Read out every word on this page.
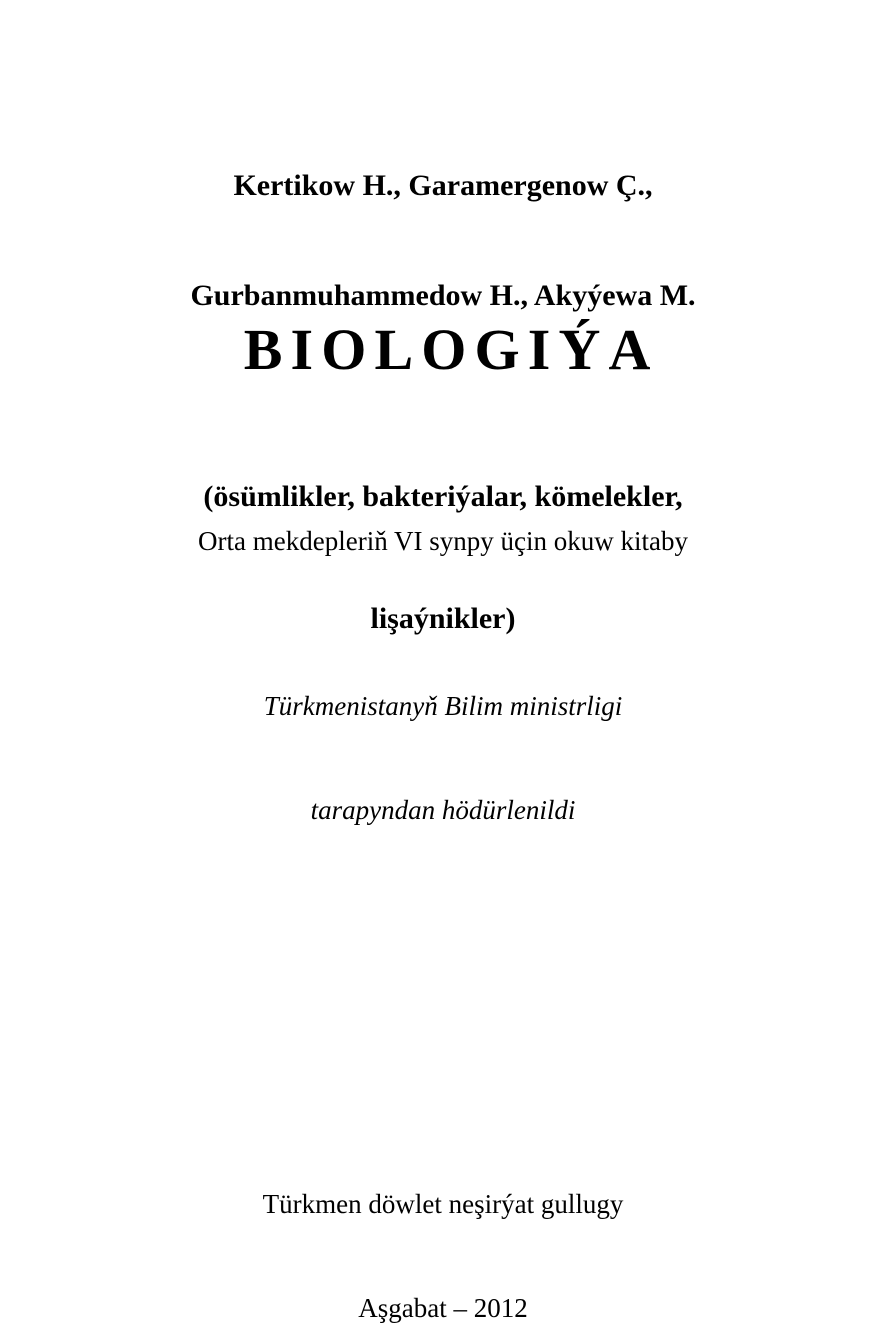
Kertikow H., Garamergenow Ç.,

Gurbanmuhammedow H., Akyýewa M.

BIOLOGIÝA

(ösümlikler, bakteriýalar, kömelekler,

lişaýnikler)

Orta mekdepleriň VI synpy üçin okuw kitaby

Türkmenistanyň Bilim ministrligi

tarapyndan hödürlenildi

Türkmen döwlet neşirýat gullugy

Aşgabat – 2012
